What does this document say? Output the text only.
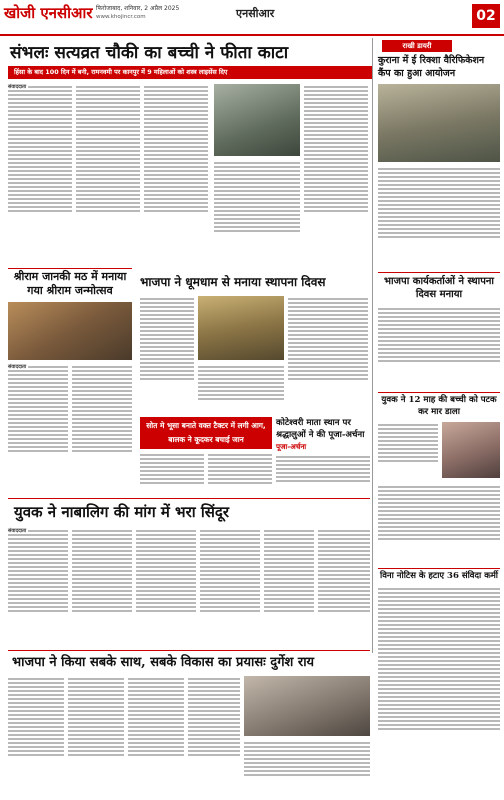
खोजी एनसीआर फिरोजाबाद, शनिवार, 2 अप्रैल 2025
www.khojincr.com	एनसीआर	02
संभलः सत्यव्रत चौकी का बच्ची ने फीता काटा
हिंसा के बाद 100 दिन में बनी, रामनवमी पर कानपुर में 9 महिलाओं को शस्त्र लाइसेंस दिए
राखी डायरी
कुराना में ई रिक्शा वैरिफिकेशन कैंप का हुआ आयोजन
श्रीराम जानकी मठ में मनाया गया श्रीराम जन्मोत्सव
भाजपा ने धूमधाम से मनाया स्थापना दिवस	भाजपा कार्यकर्ताओं ने स्थापना दिवस मनाया
युवक ने 12 माह की बच्ची को पटक कर मार डाला
विना नोटिस के हटाए 36 संविदा कर्मी
सोत मे भूसा बनाते वक्त टैक्टर में लगी आग, बालक ने कूदकर बचाई जान
कोटेश्वरी माता स्थान पर श्रद्धालुओं ने की पूजा-अर्चना
पूजा-अर्चना
युवक ने नाबालिग की मांग में भरा सिंदूर
भाजपा ने किया सबके साथ, सबके विकास का प्रयासः दुर्गेश राय
संवाददाता
संवाददाता
संवाददाता
